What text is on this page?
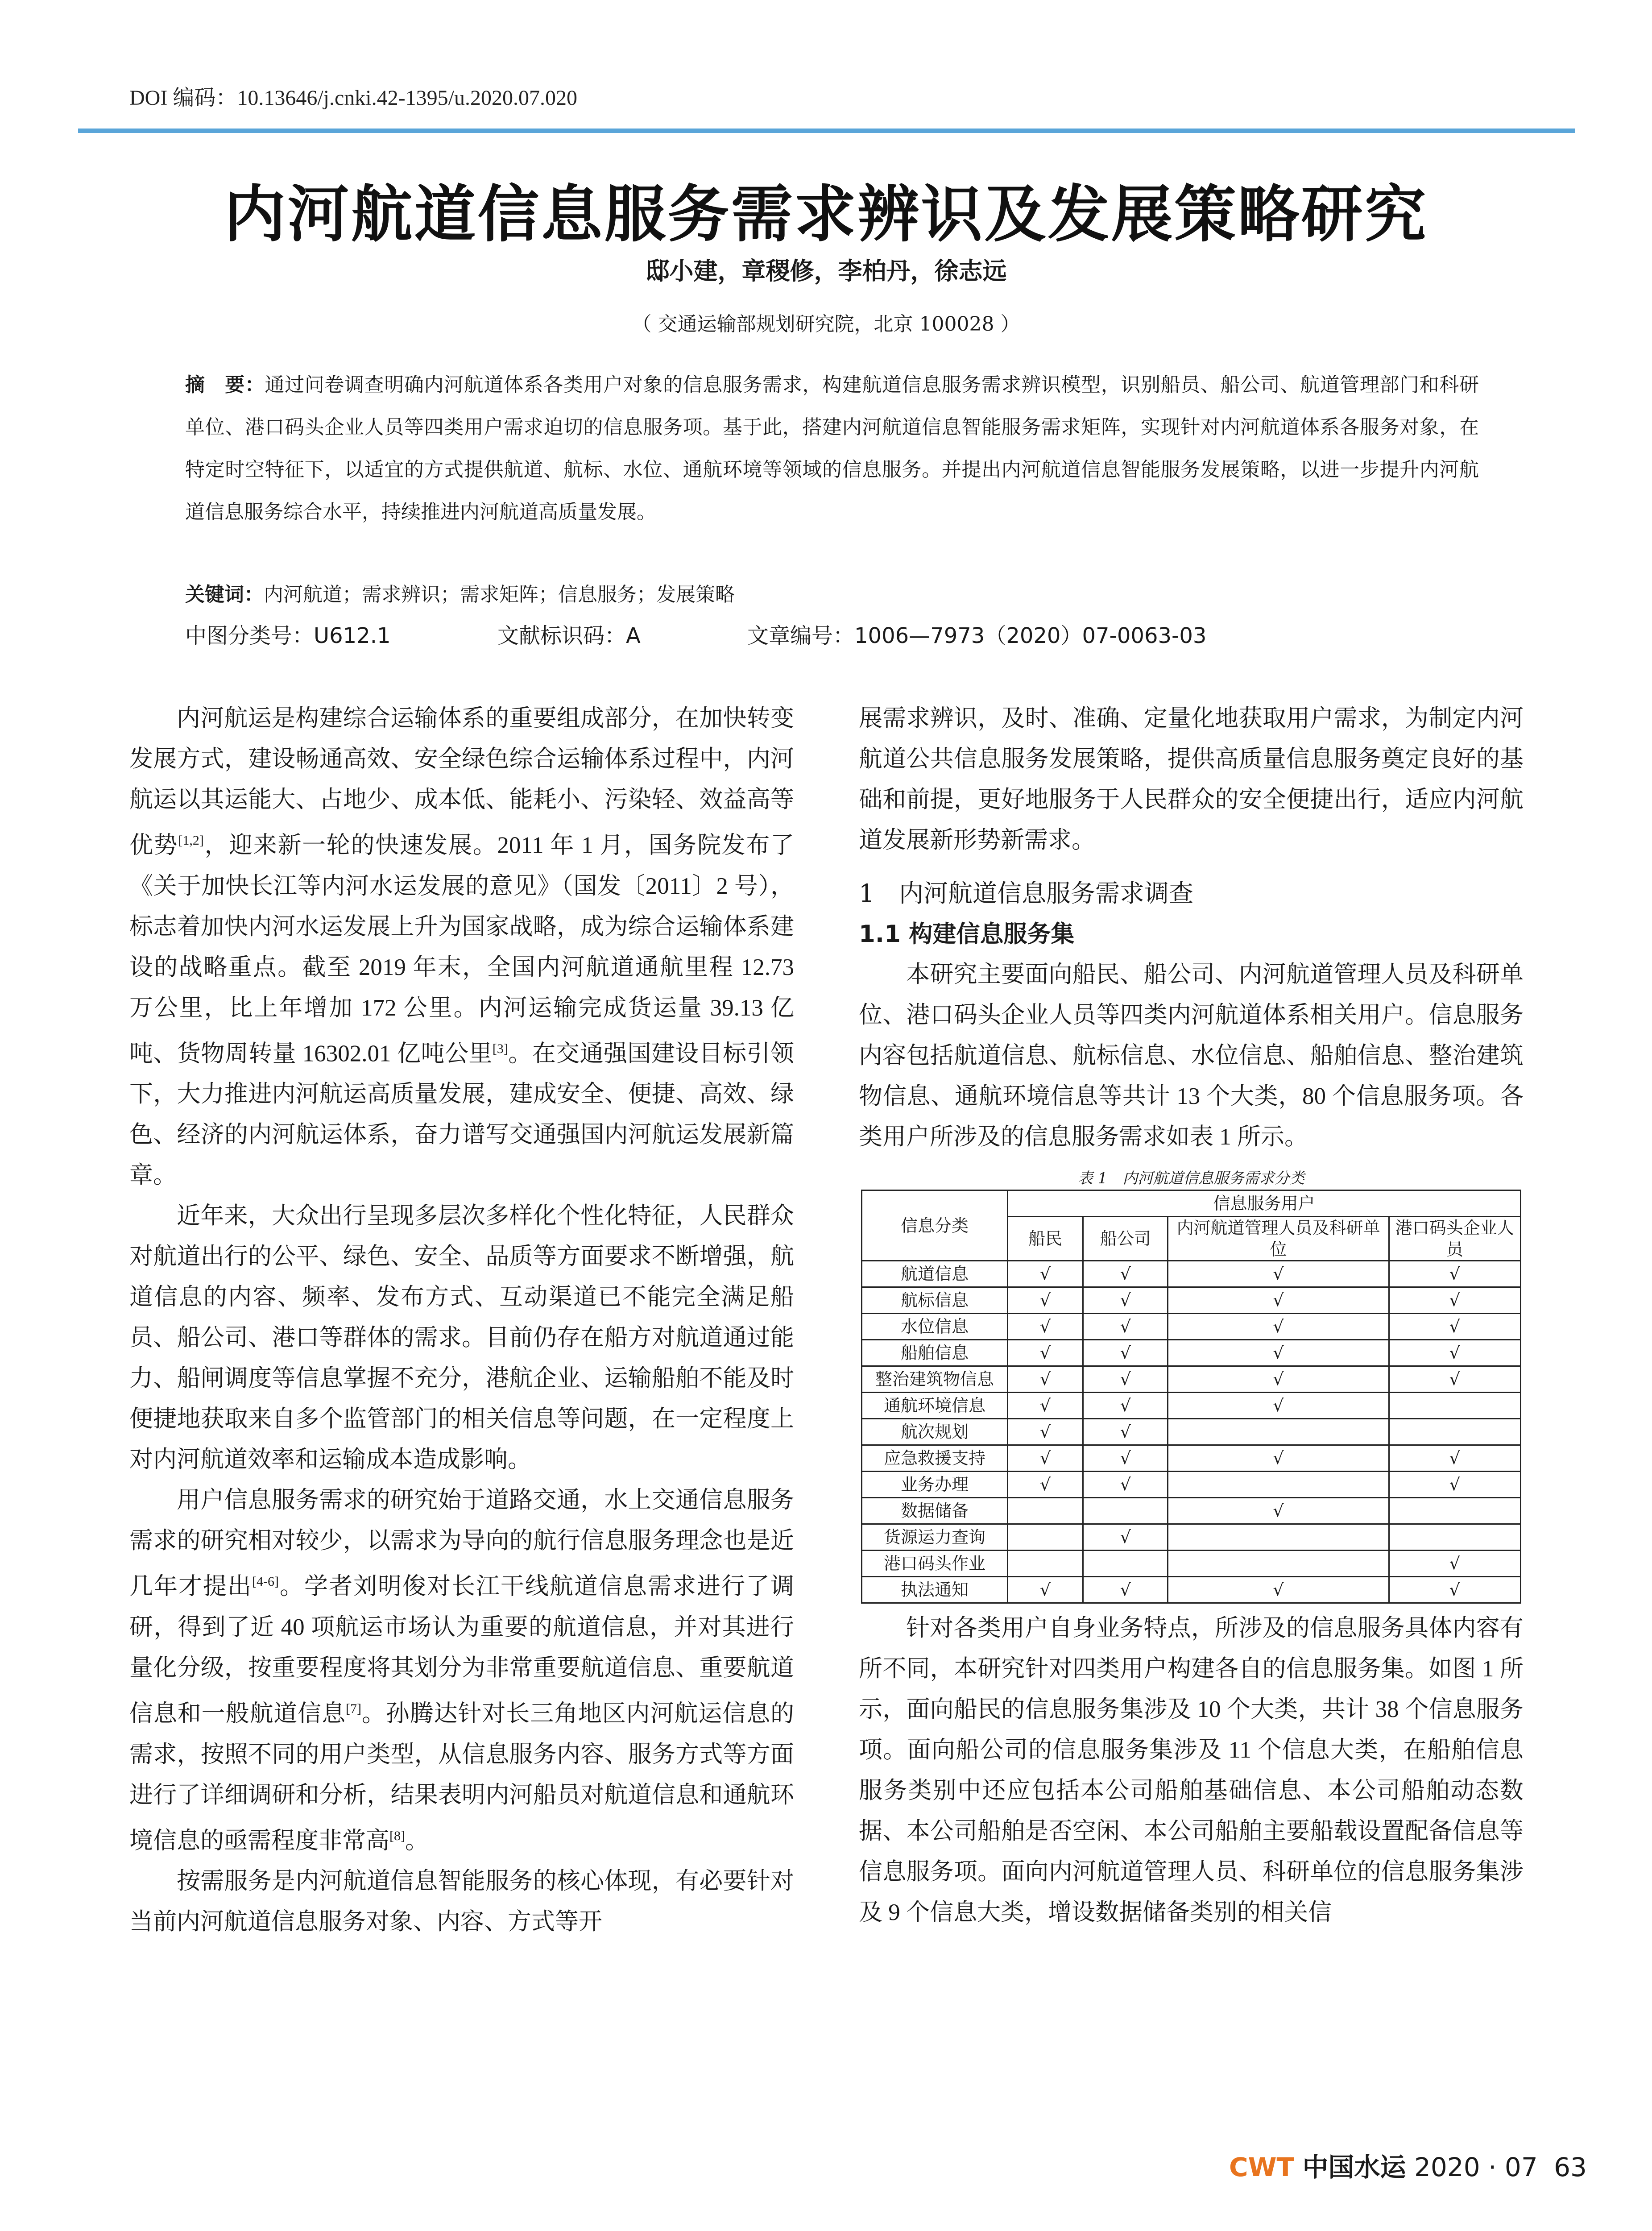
DOI 编码：10.13646/j.cnki.42-1395/u.2020.07.020
内河航道信息服务需求辨识及发展策略研究
邸小建，章稷修，李柏丹，徐志远
（ 交通运输部规划研究院，北京 100028 ）
摘　要：通过问卷调查明确内河航道体系各类用户对象的信息服务需求，构建航道信息服务需求辨识模型，识别船员、船公司、航道管理部门和科研单位、港口码头企业人员等四类用户需求迫切的信息服务项。基于此，搭建内河航道信息智能服务需求矩阵，实现针对内河航道体系各服务对象，在特定时空特征下，以适宜的方式提供航道、航标、水位、通航环境等领域的信息服务。并提出内河航道信息智能服务发展策略，以进一步提升内河航道信息服务综合水平，持续推进内河航道高质量发展。
关键词：内河航道；需求辨识；需求矩阵；信息服务；发展策略
中图分类号：U612.1	文献标识码：A	文章编号：1006—7973（2020）07-0063-03

内河航运是构建综合运输体系的重要组成部分，在加快转变发展方式，建设畅通高效、安全绿色综合运输体系过程中，内河航运以其运能大、占地少、成本低、能耗小、污染轻、效益高等优势[1,2]，迎来新一轮的快速发展。2011 年 1 月，国务院发布了《关于加快长江等内河水运发展的意见》（国发〔2011〕2 号），标志着加快内河水运发展上升为国家战略，成为综合运输体系建设的战略重点。截至 2019 年末，全国内河航道通航里程 12.73 万公里，比上年增加 172 公里。内河运输完成货运量 39.13 亿吨、货物周转量 16302.01 亿吨公里[3]。在交通强国建设目标引领下，大力推进内河航运高质量发展，建成安全、便捷、高效、绿色、经济的内河航运体系，奋力谱写交通强国内河航运发展新篇章。

近年来，大众出行呈现多层次多样化个性化特征，人民群众对航道出行的公平、绿色、安全、品质等方面要求不断增强，航道信息的内容、频率、发布方式、互动渠道已不能完全满足船员、船公司、港口等群体的需求。目前仍存在船方对航道通过能力、船闸调度等信息掌握不充分，港航企业、运输船舶不能及时便捷地获取来自多个监管部门的相关信息等问题，在一定程度上对内河航道效率和运输成本造成影响。

用户信息服务需求的研究始于道路交通，水上交通信息服务需求的研究相对较少，以需求为导向的航行信息服务理念也是近几年才提出[4-6]。学者刘明俊对长江干线航道信息需求进行了调研，得到了近 40 项航运市场认为重要的航道信息，并对其进行量化分级，按重要程度将其划分为非常重要航道信息、重要航道信息和一般航道信息[7]。孙腾达针对长三角地区内河航运信息的需求，按照不同的用户类型，从信息服务内容、服务方式等方面进行了详细调研和分析，结果表明内河船员对航道信息和通航环境信息的亟需程度非常高[8]。

按需服务是内河航道信息智能服务的核心体现，有必要针对当前内河航道信息服务对象、内容、方式等开

展需求辨识，及时、准确、定量化地获取用户需求，为制定内河航道公共信息服务发展策略，提供高质量信息服务奠定良好的基础和前提，更好地服务于人民群众的安全便捷出行，适应内河航道发展新形势新需求。

1　内河航道信息服务需求调查
1.1 构建信息服务集

本研究主要面向船民、船公司、内河航道管理人员及科研单位、港口码头企业人员等四类内河航道体系相关用户。信息服务内容包括航道信息、航标信息、水位信息、船舶信息、整治建筑物信息、通航环境信息等共计 13 个大类，80 个信息服务项。各类用户所涉及的信息服务需求如表 1 所示。

表 1　内河航道信息服务需求分类
信息分类	信息服务用户			
	船民	船公司	内河航道管理人员及科研单位	港口码头企业人员
航道信息	√	√	√	√
航标信息	√	√	√	√
水位信息	√	√	√	√
船舶信息	√	√	√	√
整治建筑物信息	√	√	√	√
通航环境信息	√	√	√	
航次规划	√	√		
应急救援支持	√	√	√	√
业务办理	√	√		√
数据储备			√	
货源运力查询		√		
港口码头作业				√
执法通知	√	√	√	√

针对各类用户自身业务特点，所涉及的信息服务具体内容有所不同，本研究针对四类用户构建各自的信息服务集。如图 1 所示，面向船民的信息服务集涉及 10 个大类，共计 38 个信息服务项。面向船公司的信息服务集涉及 11 个信息大类，在船舶信息服务类别中还应包括本公司船舶基础信息、本公司船舶动态数据、本公司船舶是否空闲、本公司船舶主要船载设置配备信息等信息服务项。面向内河航道管理人员、科研单位的信息服务集涉及 9 个信息大类，增设数据储备类别的相关信

CWT 中国水运 2020 · 07 63
